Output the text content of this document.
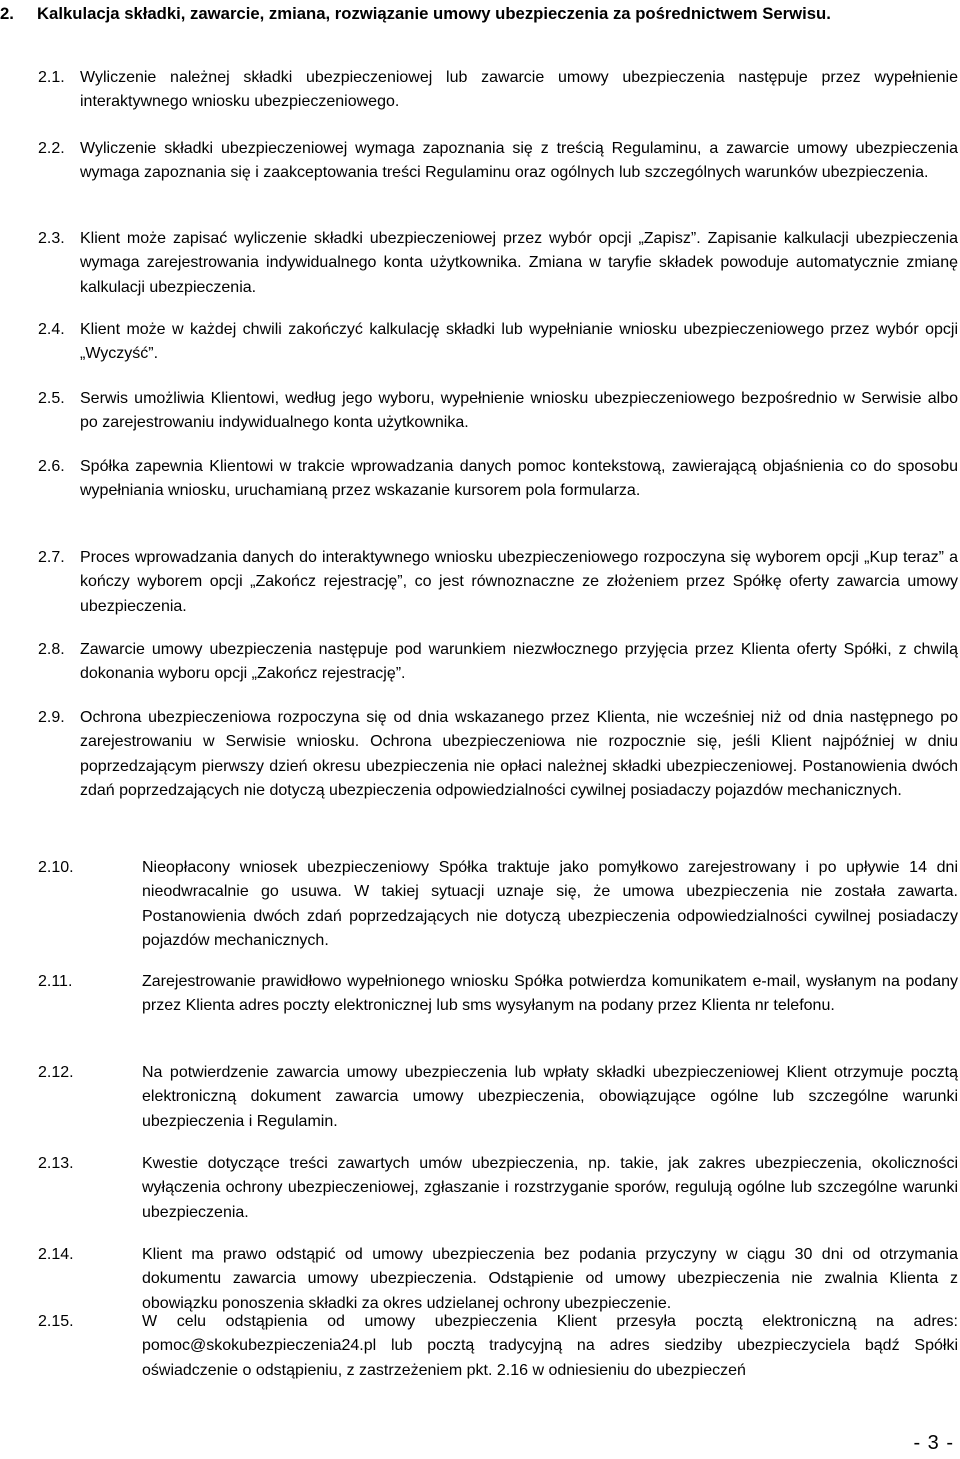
2.	Kalkulacja składki, zawarcie, zmiana, rozwiązanie umowy ubezpieczenia za pośrednictwem Serwisu.
2.1. Wyliczenie należnej składki ubezpieczeniowej lub zawarcie umowy ubezpieczenia następuje przez wypełnienie interaktywnego wniosku ubezpieczeniowego.
2.2. Wyliczenie składki ubezpieczeniowej wymaga zapoznania się z treścią Regulaminu, a zawarcie umowy ubezpieczenia wymaga zapoznania się i zaakceptowania treści Regulaminu oraz ogólnych lub szczególnych warunków ubezpieczenia.
2.3. Klient może zapisać wyliczenie składki ubezpieczeniowej przez wybór opcji „Zapisz”. Zapisanie kalkulacji ubezpieczenia wymaga zarejestrowania indywidualnego konta użytkownika. Zmiana w taryfie składek powoduje automatycznie zmianę kalkulacji ubezpieczenia.
2.4. Klient może w każdej chwili zakończyć kalkulację składki lub wypełnianie wniosku ubezpieczeniowego przez wybór opcji „Wyczyść”.
2.5. Serwis umożliwia Klientowi, według jego wyboru, wypełnienie wniosku ubezpieczeniowego bezpośrednio w Serwisie albo po zarejestrowaniu indywidualnego konta użytkownika.
2.6. Spółka zapewnia Klientowi w trakcie wprowadzania danych pomoc kontekstową, zawierającą objaśnienia co do sposobu wypełniania wniosku, uruchamianą przez wskazanie kursorem pola formularza.
2.7. Proces wprowadzania danych do interaktywnego wniosku ubezpieczeniowego rozpoczyna się wyborem opcji „Kup teraz” a kończy wyborem opcji „Zakończ rejestrację”, co jest równoznaczne ze złożeniem przez Spółkę oferty zawarcia umowy ubezpieczenia.
2.8. Zawarcie umowy ubezpieczenia następuje pod warunkiem niezwłocznego przyjęcia przez Klienta oferty Spółki, z chwilą dokonania wyboru opcji „Zakończ rejestrację”.
2.9. Ochrona ubezpieczeniowa rozpoczyna się od dnia wskazanego przez Klienta, nie wcześniej niż od dnia następnego po zarejestrowaniu w Serwisie wniosku. Ochrona ubezpieczeniowa nie rozpocznie się, jeśli Klient najpóźniej w dniu poprzedzającym pierwszy dzień okresu ubezpieczenia nie opłaci należnej składki ubezpieczeniowej. Postanowienia dwóch zdań poprzedzających nie dotyczą ubezpieczenia odpowiedzialności cywilnej posiadaczy pojazdów mechanicznych.
2.10.	Nieopłacony wniosek ubezpieczeniowy Spółka traktuje jako pomyłkowo zarejestrowany i po upływie 14 dni nieodwracalnie go usuwa. W takiej sytuacji uznaje się, że umowa ubezpieczenia nie została zawarta. Postanowienia dwóch zdań poprzedzających nie dotyczą ubezpieczenia odpowiedzialności cywilnej posiadaczy pojazdów mechanicznych.
2.11.	Zarejestrowanie prawidłowo wypełnionego wniosku Spółka potwierdza komunikatem e-mail, wysłanym na podany przez Klienta adres poczty elektronicznej lub sms wysyłanym na podany przez Klienta nr telefonu.
2.12.	Na potwierdzenie zawarcia umowy ubezpieczenia lub wpłaty składki ubezpieczeniowej Klient otrzymuje pocztą elektroniczną dokument zawarcia umowy ubezpieczenia, obowiązujące ogólne lub szczególne warunki ubezpieczenia i Regulamin.
2.13.	Kwestie dotyczące treści zawartych umów ubezpieczenia, np. takie, jak zakres ubezpieczenia, okoliczności wyłączenia ochrony ubezpieczeniowej, zgłaszanie i rozstrzyganie sporów, regulują ogólne lub szczególne warunki ubezpieczenia.
2.14.	Klient ma prawo odstąpić od umowy ubezpieczenia bez podania przyczyny w ciągu 30 dni od otrzymania dokumentu zawarcia umowy ubezpieczenia. Odstąpienie od umowy ubezpieczenia nie zwalnia Klienta z obowiązku ponoszenia składki za okres udzielanej ochrony ubezpieczenie.
2.15.	W celu odstąpienia od umowy ubezpieczenia Klient przesyła pocztą elektroniczną na adres: pomoc@skokubezpieczenia24.pl lub pocztą tradycyjną na adres siedziby ubezpieczyciela bądź Spółki oświadczenie o odstąpieniu, z zastrzeżeniem pkt. 2.16 w odniesieniu do ubezpieczeń
- 3 -
